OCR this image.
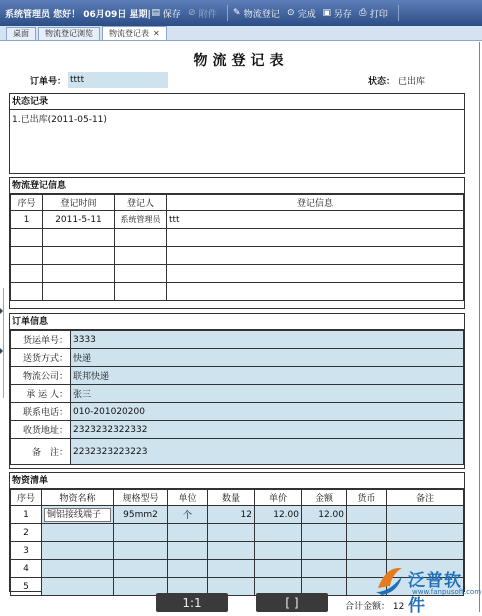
系统管理员 您好！ 06月09日 星期| ▤ 保存 ⊘ 附件 ✎ 物流登记 ⊙ 完成 ▣ 另存 ⎙ 打印
桌面 物流登记浏览 物流登记表 ✕
物流登记表
订单号： tttt	状态： 已出库
状态记录
1.已出库(2011-05-11)
物流登记信息
序号	登记时间	登记人	登记信息
1	2011-5-11	系统管理员	ttt

订单信息
货运单号：	3333
送货方式：	快递
物流公司：	联邦快递
承 运 人：	张三
联系电话：	010-201020200
收货地址：	2323232322332
备　注：	2232323223223
物资清单
序号	物资名称	规格型号	单位	数量	单价	金额	货币	备注
1	铜铝接线端子	95mm2	个	12	12.00	12.00		
2								
3								
4								
5								
1:1	[ ]	合计金额： 12
泛普软件
www.fanpusoft.com
